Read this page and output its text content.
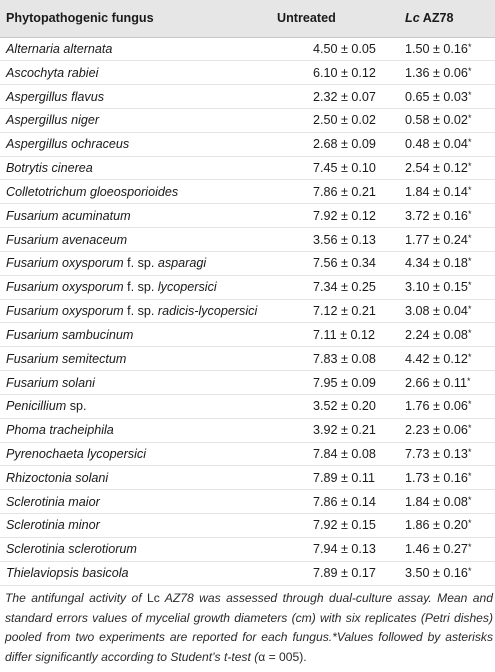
Phytopathogenic fungus	Untreated	Lc AZ78
Alternaria alternata	4.50 ± 0.05	1.50 ± 0.16*
Ascochyta rabiei	6.10 ± 0.12	1.36 ± 0.06*
Aspergillus flavus	2.32 ± 0.07	0.65 ± 0.03*
Aspergillus niger	2.50 ± 0.02	0.58 ± 0.02*
Aspergillus ochraceus	2.68 ± 0.09	0.48 ± 0.04*
Botrytis cinerea	7.45 ± 0.10	2.54 ± 0.12*
Colletotrichum gloeosporioides	7.86 ± 0.21	1.84 ± 0.14*
Fusarium acuminatum	7.92 ± 0.12	3.72 ± 0.16*
Fusarium avenaceum	3.56 ± 0.13	1.77 ± 0.24*
Fusarium oxysporum f. sp. asparagi	7.56 ± 0.34	4.34 ± 0.18*
Fusarium oxysporum f. sp. lycopersici	7.34 ± 0.25	3.10 ± 0.15*
Fusarium oxysporum f. sp. radicis-lycopersici	7.12 ± 0.21	3.08 ± 0.04*
Fusarium sambucinum	7.11 ± 0.12	2.24 ± 0.08*
Fusarium semitectum	7.83 ± 0.08	4.42 ± 0.12*
Fusarium solani	7.95 ± 0.09	2.66 ± 0.11*
Penicillium sp.	3.52 ± 0.20	1.76 ± 0.06*
Phoma tracheiphila	3.92 ± 0.21	2.23 ± 0.06*
Pyrenochaeta lycopersici	7.84 ± 0.08	7.73 ± 0.13*
Rhizoctonia solani	7.89 ± 0.11	1.73 ± 0.16*
Sclerotinia maior	7.86 ± 0.14	1.84 ± 0.08*
Sclerotinia minor	7.92 ± 0.15	1.86 ± 0.20*
Sclerotinia sclerotiorum	7.94 ± 0.13	1.46 ± 0.27*
Thielaviopsis basicola	7.89 ± 0.17	3.50 ± 0.16*
The antifungal activity of Lc AZ78 was assessed through dual-culture assay. Mean and standard errors values of mycelial growth diameters (cm) with six replicates (Petri dishes) pooled from two experiments are reported for each fungus.*Values followed by asterisks differ significantly according to Student’s t-test (α = 005).
